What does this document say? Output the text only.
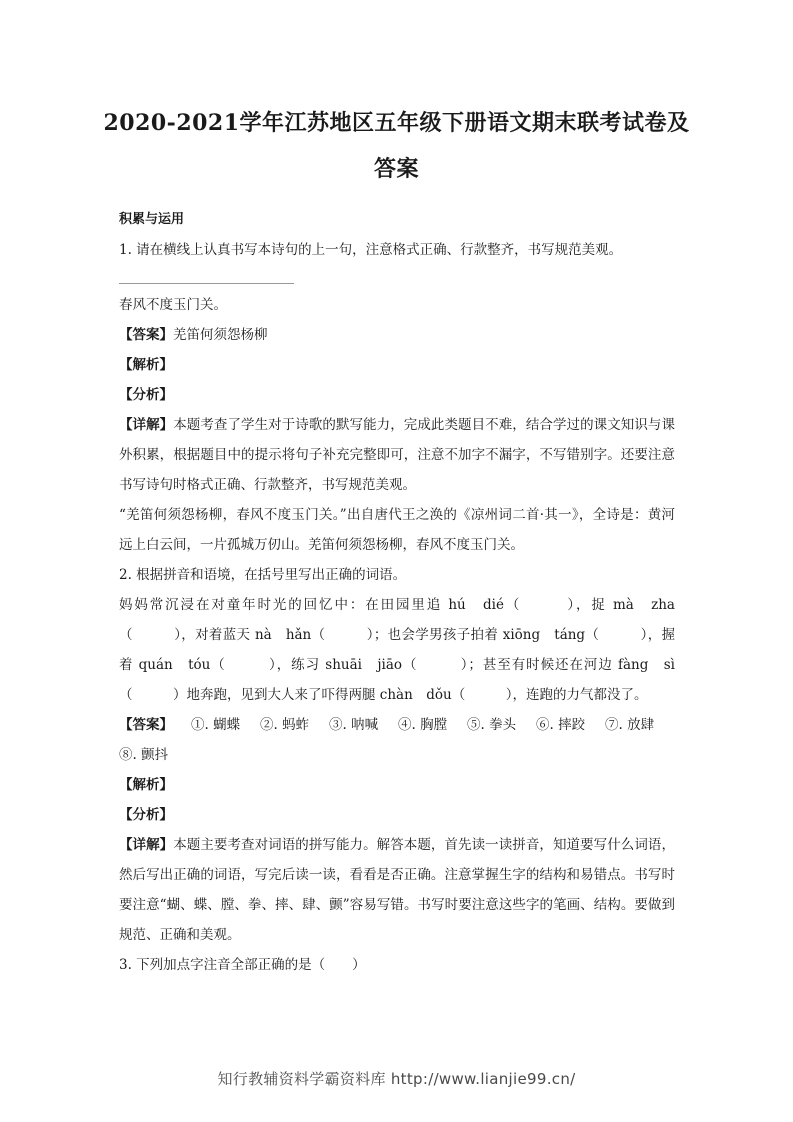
2020-2021学年江苏地区五年级下册语文期末联考试卷及答案

积累与运用

1. 请在横线上认真书写本诗句的上一句，注意格式正确、行款整齐，书写规范美观。

春风不度玉门关。

【答案】羌笛何须怨杨柳

【解析】

【分析】

【详解】本题考查了学生对于诗歌的默写能力，完成此类题目不难，结合学过的课文知识与课外积累，根据题目中的提示将句子补充完整即可，注意不加字不漏字，不写错别字。还要注意书写诗句时格式正确、行款整齐，书写规范美观。

“羌笛何须怨杨柳，春风不度玉门关。”出自唐代王之涣的《凉州词二首·其一》，全诗是：黄河远上白云间，一片孤城万仞山。羌笛何须怨杨柳，春风不度玉门关。

2. 根据拼音和语境，在括号里写出正确的词语。

妈妈常沉浸在对童年时光的回忆中：在田园里追 hú　dié（　　　），捉 mà　zha（　　　），对着蓝天 nà　hǎn（　　　）；也会学男孩子拍着 xiōng　táng（　　　），握着 quán　tóu（　　　），练习 shuāi　jiāo（　　　）；甚至有时候还在河边 fàng　sì（　　　）地奔跑，见到大人来了吓得两腿 chàn　dǒu（　　　），连跑的力气都没了。

【答案】	①. 蝴蝶	②. 蚂蚱	③. 呐喊	④. 胸膛	⑤. 拳头	⑥. 摔跤	⑦. 放肆
⑧. 颤抖

【解析】

【分析】

【详解】本题主要考查对词语的拼写能力。解答本题，首先读一读拼音，知道要写什么词语，然后写出正确的词语，写完后读一读，看看是否正确。注意掌握生字的结构和易错点。书写时要注意“蝴、蝶、膛、拳、摔、肆、颤”容易写错。书写时要注意这些字的笔画、结构。要做到规范、正确和美观。

3. 下列加点字注音全部正确的是（　　）

知行教辅资料学霸资料库 http://www.lianjie99.cn/
